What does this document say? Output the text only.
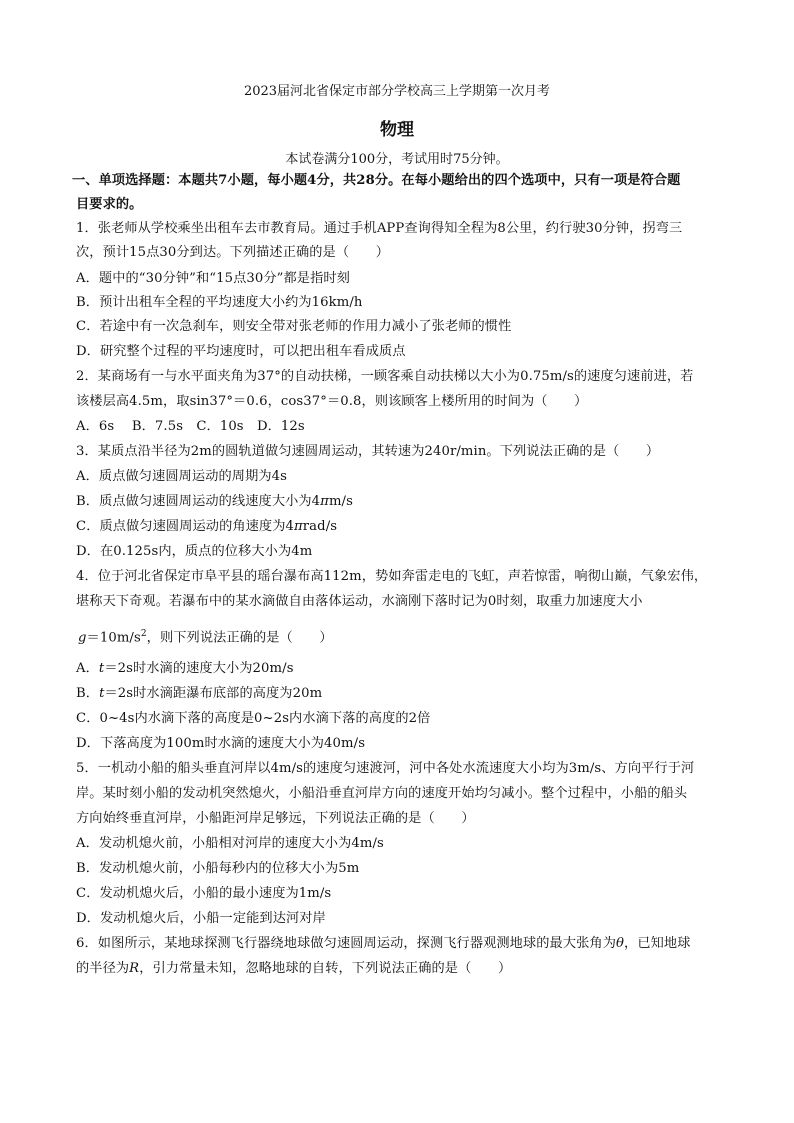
2023届河北省保定市部分学校高三上学期第一次月考
物理
本试卷满分100分，考试用时75分钟。
一、单项选择题：本题共7小题，每小题4分，共28分。在每小题给出的四个选项中，只有一项是符合题
目要求的。
1．张老师从学校乘坐出租车去市教育局。通过手机APP查询得知全程为8公里，约行驶30分钟，拐弯三
次，预计15点30分到达。下列描述正确的是（　　）
A．题中的“30分钟”和“15点30分”都是指时刻
B．预计出租车全程的平均速度大小约为16km/h
C．若途中有一次急刹车，则安全带对张老师的作用力减小了张老师的惯性
D．研究整个过程的平均速度时，可以把出租车看成质点
2．某商场有一与水平面夹角为37°的自动扶梯，一顾客乘自动扶梯以大小为0.75m/s的速度匀速前进，若
该楼层高4.5m，取sin37°＝0.6，cos37°＝0.8，则该顾客上楼所用的时间为（　　）
A．6s　 B．7.5s　C．10s　D．12s
3．某质点沿半径为2m的圆轨道做匀速圆周运动，其转速为240r/min。下列说法正确的是（　　）
A．质点做匀速圆周运动的周期为4s
B．质点做匀速圆周运动的线速度大小为4πm/s
C．质点做匀速圆周运动的角速度为4πrad/s
D．在0.125s内，质点的位移大小为4m
4．位于河北省保定市阜平县的瑶台瀑布高112m，势如奔雷走电的飞虹，声若惊雷，响彻山巅，气象宏伟，
堪称天下奇观。若瀑布中的某水滴做自由落体运动，水滴刚下落时记为0时刻，取重力加速度大小
$g=10m/s^2$，则下列说法正确的是（　　）
A．t＝2s时水滴的速度大小为20m/s
B．t＝2s时水滴距瀑布底部的高度为20m
C．0~4s内水滴下落的高度是0~2s内水滴下落的高度的2倍
D．下落高度为100m时水滴的速度大小为40m/s
5．一机动小船的船头垂直河岸以4m/s的速度匀速渡河，河中各处水流速度大小均为3m/s、方向平行于河
岸。某时刻小船的发动机突然熄火，小船沿垂直河岸方向的速度开始均匀减小。整个过程中，小船的船头
方向始终垂直河岸，小船距河岸足够远，下列说法正确的是（　　）
A．发动机熄火前，小船相对河岸的速度大小为4m/s
B．发动机熄火前，小船每秒内的位移大小为5m
C．发动机熄火后，小船的最小速度为1m/s
D．发动机熄火后，小船一定能到达河对岸
6．如图所示，某地球探测飞行器绕地球做匀速圆周运动，探测飞行器观测地球的最大张角为θ，已知地球
的半径为R，引力常量未知，忽略地球的自转，下列说法正确的是（　　）
